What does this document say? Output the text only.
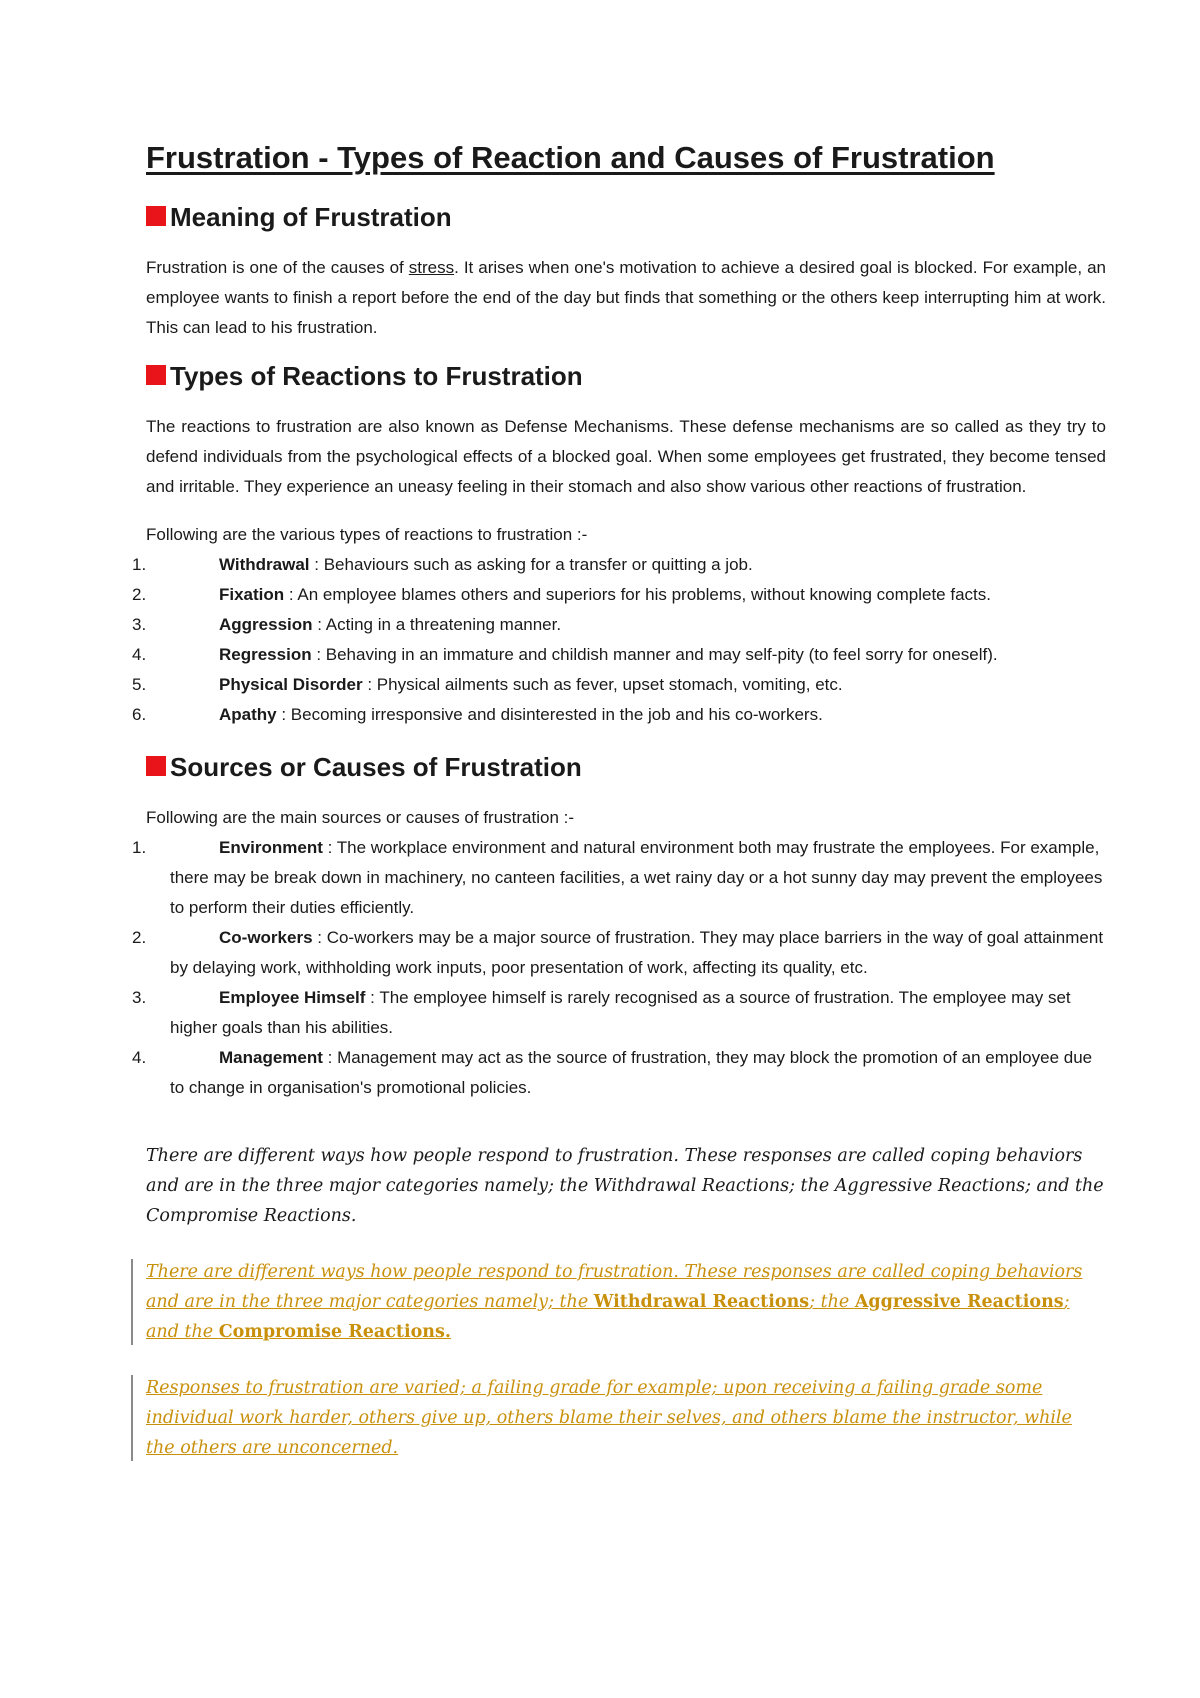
Frustration - Types of Reaction and Causes of Frustration
Meaning of Frustration

Frustration is one of the causes of stress. It arises when one's motivation to achieve a desired goal is blocked. For example, an employee wants to finish a report before the end of the day but finds that something or the others keep interrupting him at work. This can lead to his frustration.

Types of Reactions to Frustration

The reactions to frustration are also known as Defense Mechanisms. These defense mechanisms are so called as they try to defend individuals from the psychological effects of a blocked goal. When some employees get frustrated, they become tensed and irritable. They experience an uneasy feeling in their stomach and also show various other reactions of frustration.

Following are the various types of reactions to frustration :-

1.	Withdrawal : Behaviours such as asking for a transfer or quitting a job.
2.	Fixation : An employee blames others and superiors for his problems, without knowing complete facts.
3.	Aggression : Acting in a threatening manner.
4.	Regression : Behaving in an immature and childish manner and may self-pity (to feel sorry for oneself).
5.	Physical Disorder : Physical ailments such as fever, upset stomach, vomiting, etc.
6.	Apathy : Becoming irresponsive and disinterested in the job and his co-workers.
Sources or Causes of Frustration

Following are the main sources or causes of frustration :-

1.	Environment : The workplace environment and natural environment both may frustrate the employees. For example, there may be break down in machinery, no canteen facilities, a wet rainy day or a hot sunny day may prevent the employees to perform their duties efficiently.
2.	Co-workers : Co-workers may be a major source of frustration. They may place barriers in the way of goal attainment by delaying work, withholding work inputs, poor presentation of work, affecting its quality, etc.
3.	Employee Himself : The employee himself is rarely recognised as a source of frustration. The employee may set higher goals than his abilities.
4.	Management : Management may act as the source of frustration, they may block the promotion of an employee due to change in organisation's promotional policies.

There are different ways how people respond to frustration. These responses are called coping behaviors and are in the three major categories namely; the Withdrawal Reactions; the Aggressive Reactions; and the Compromise Reactions.

There are different ways how people respond to frustration. These responses are called coping behaviors and are in the three major categories namely; the Withdrawal Reactions; the Aggressive Reactions; and the Compromise Reactions.

Responses to frustration are varied; a failing grade for example; upon receiving a failing grade some individual work harder, others give up, others blame their selves, and others blame the instructor, while the others are unconcerned.
